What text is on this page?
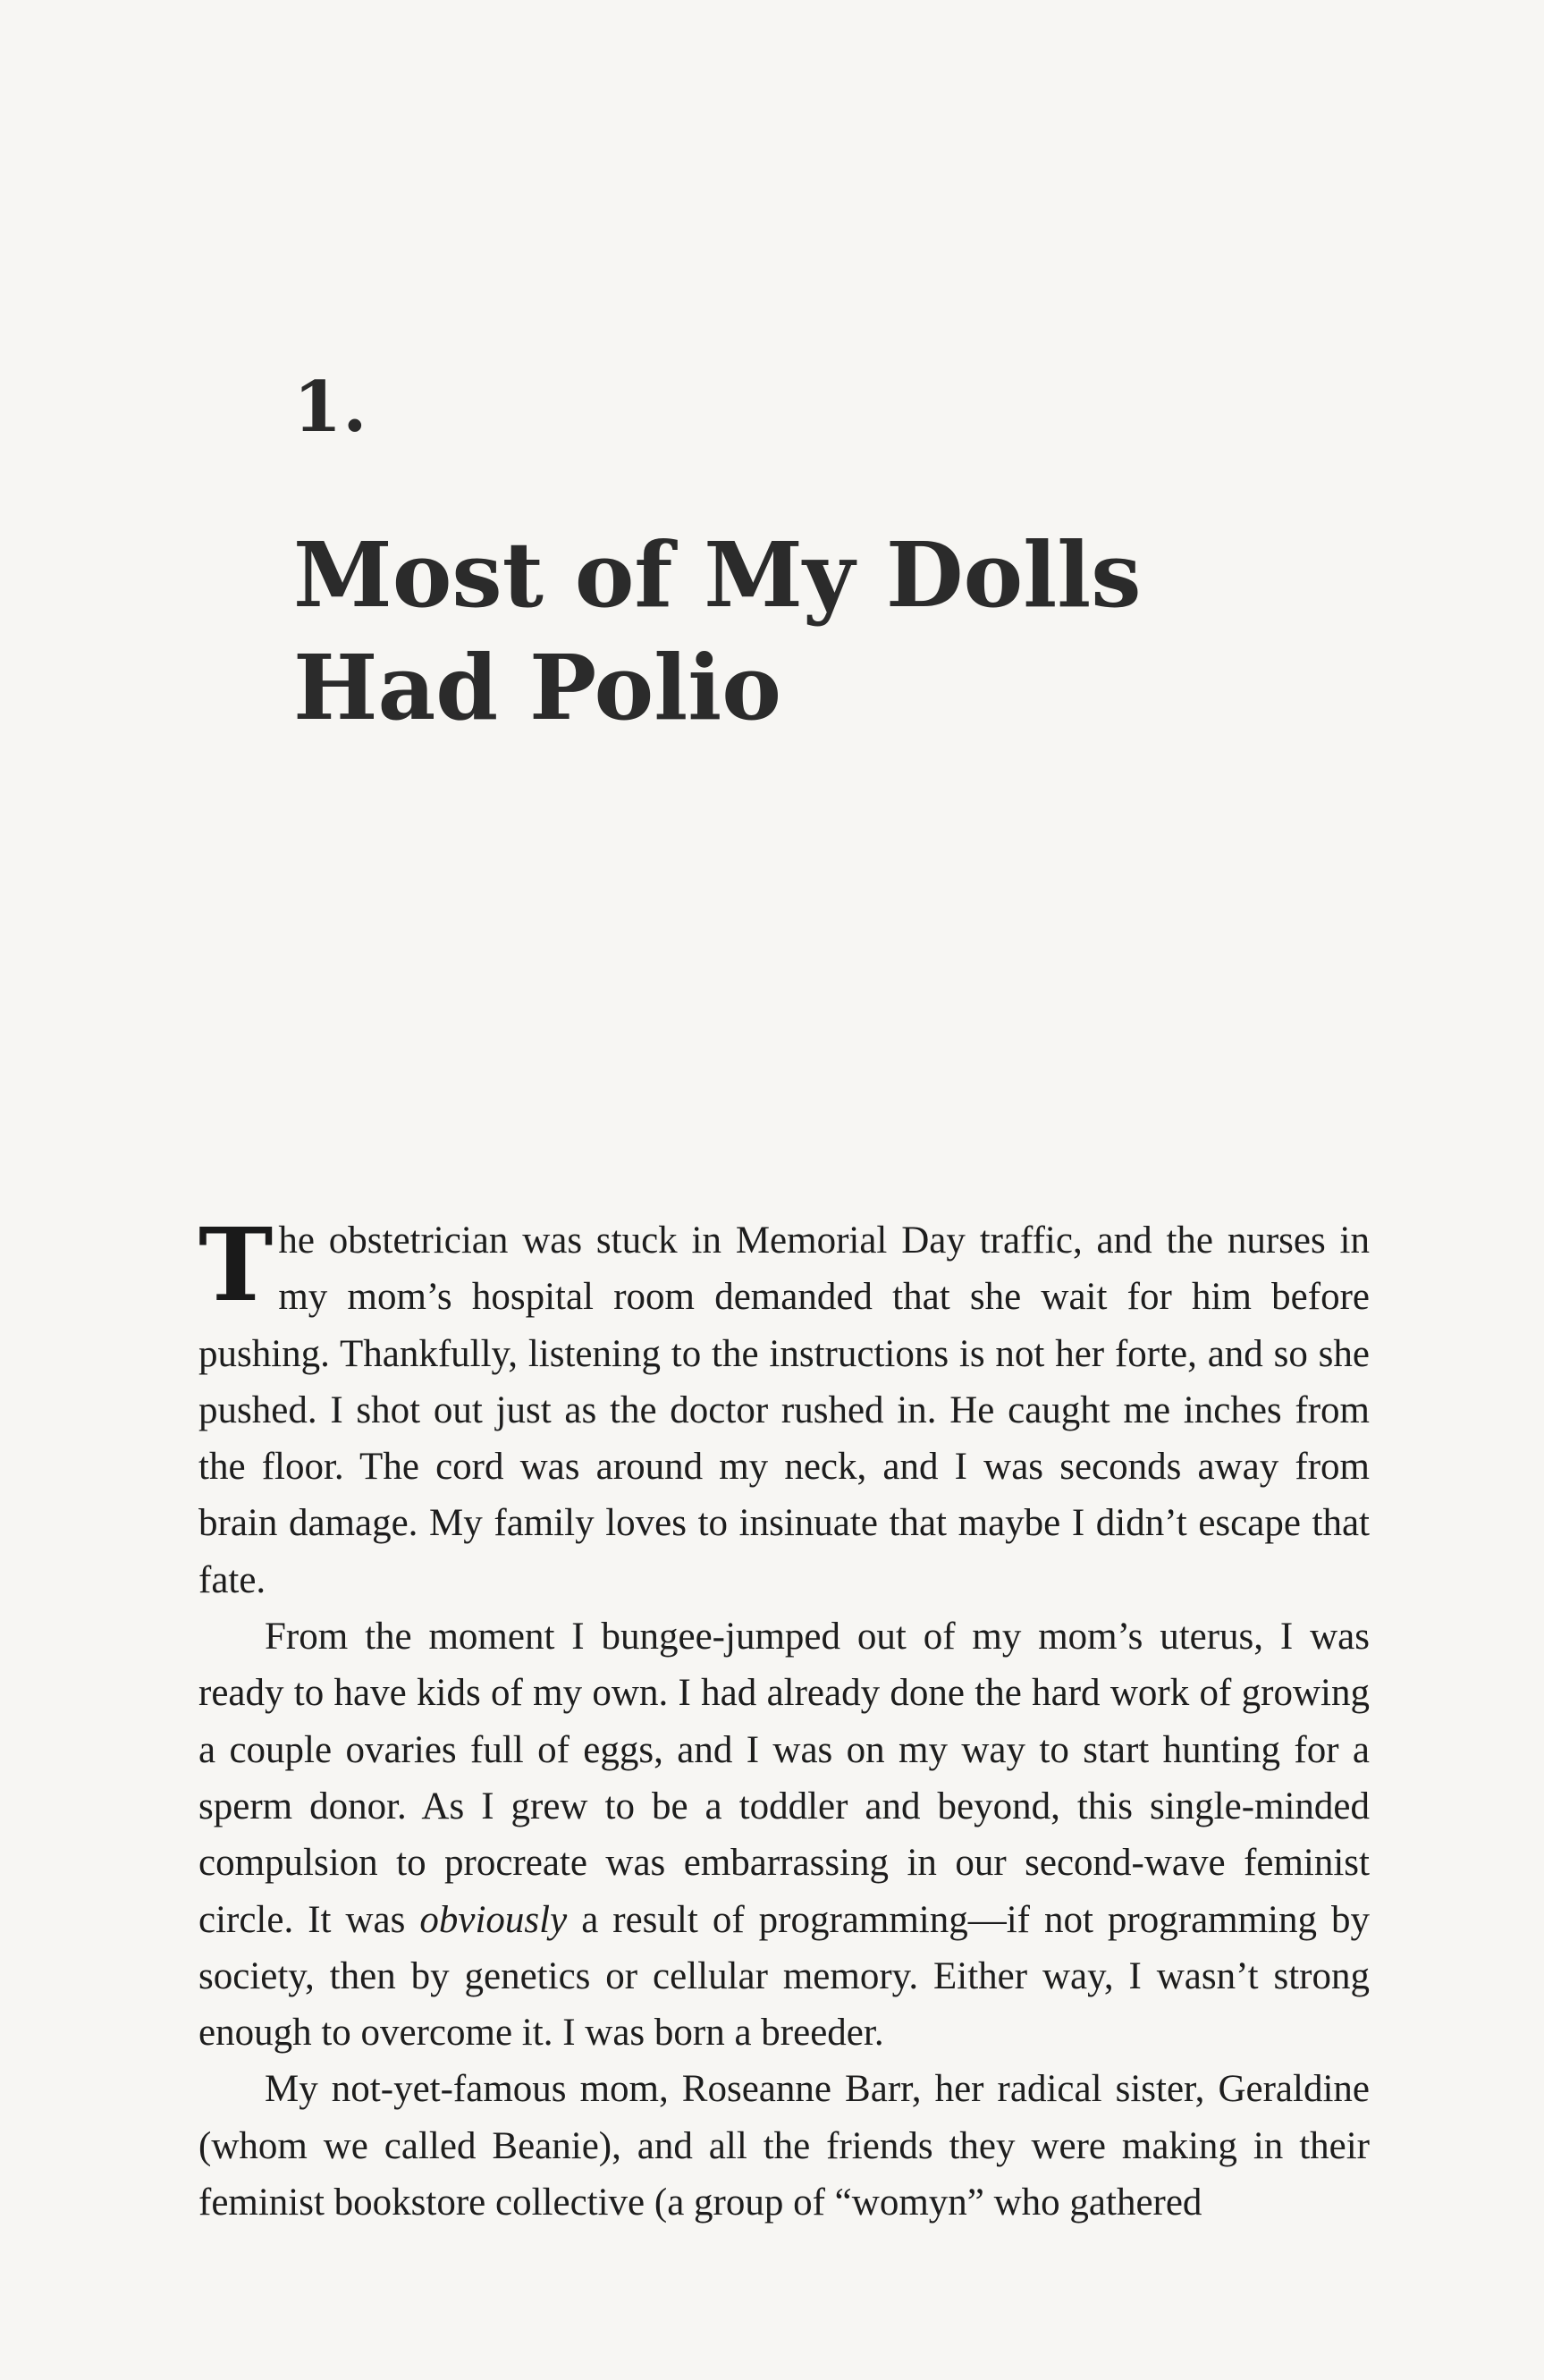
1.
Most of My Dolls
Had Polio

The obstetrician was stuck in Memorial Day traffic, and the nurses in my mom’s hospital room demanded that she wait for him before pushing. Thankfully, listening to the instructions is not her forte, and so she pushed. I shot out just as the doctor rushed in. He caught me inches from the floor. The cord was around my neck, and I was seconds away from brain damage. My family loves to insinuate that maybe I didn’t escape that fate.

From the moment I bungee-jumped out of my mom’s uterus, I was ready to have kids of my own. I had already done the hard work of growing a couple ovaries full of eggs, and I was on my way to start hunting for a sperm donor. As I grew to be a toddler and beyond, this single-minded compulsion to procreate was embarrassing in our second-wave feminist circle. It was obviously a result of programming—if not programming by society, then by genetics or cellular memory. Either way, I wasn’t strong enough to overcome it. I was born a breeder.

My not-yet-famous mom, Roseanne Barr, her radical sister, Geraldine (whom we called Beanie), and all the friends they were making in their feminist bookstore collective (a group of “womyn” who gathered
